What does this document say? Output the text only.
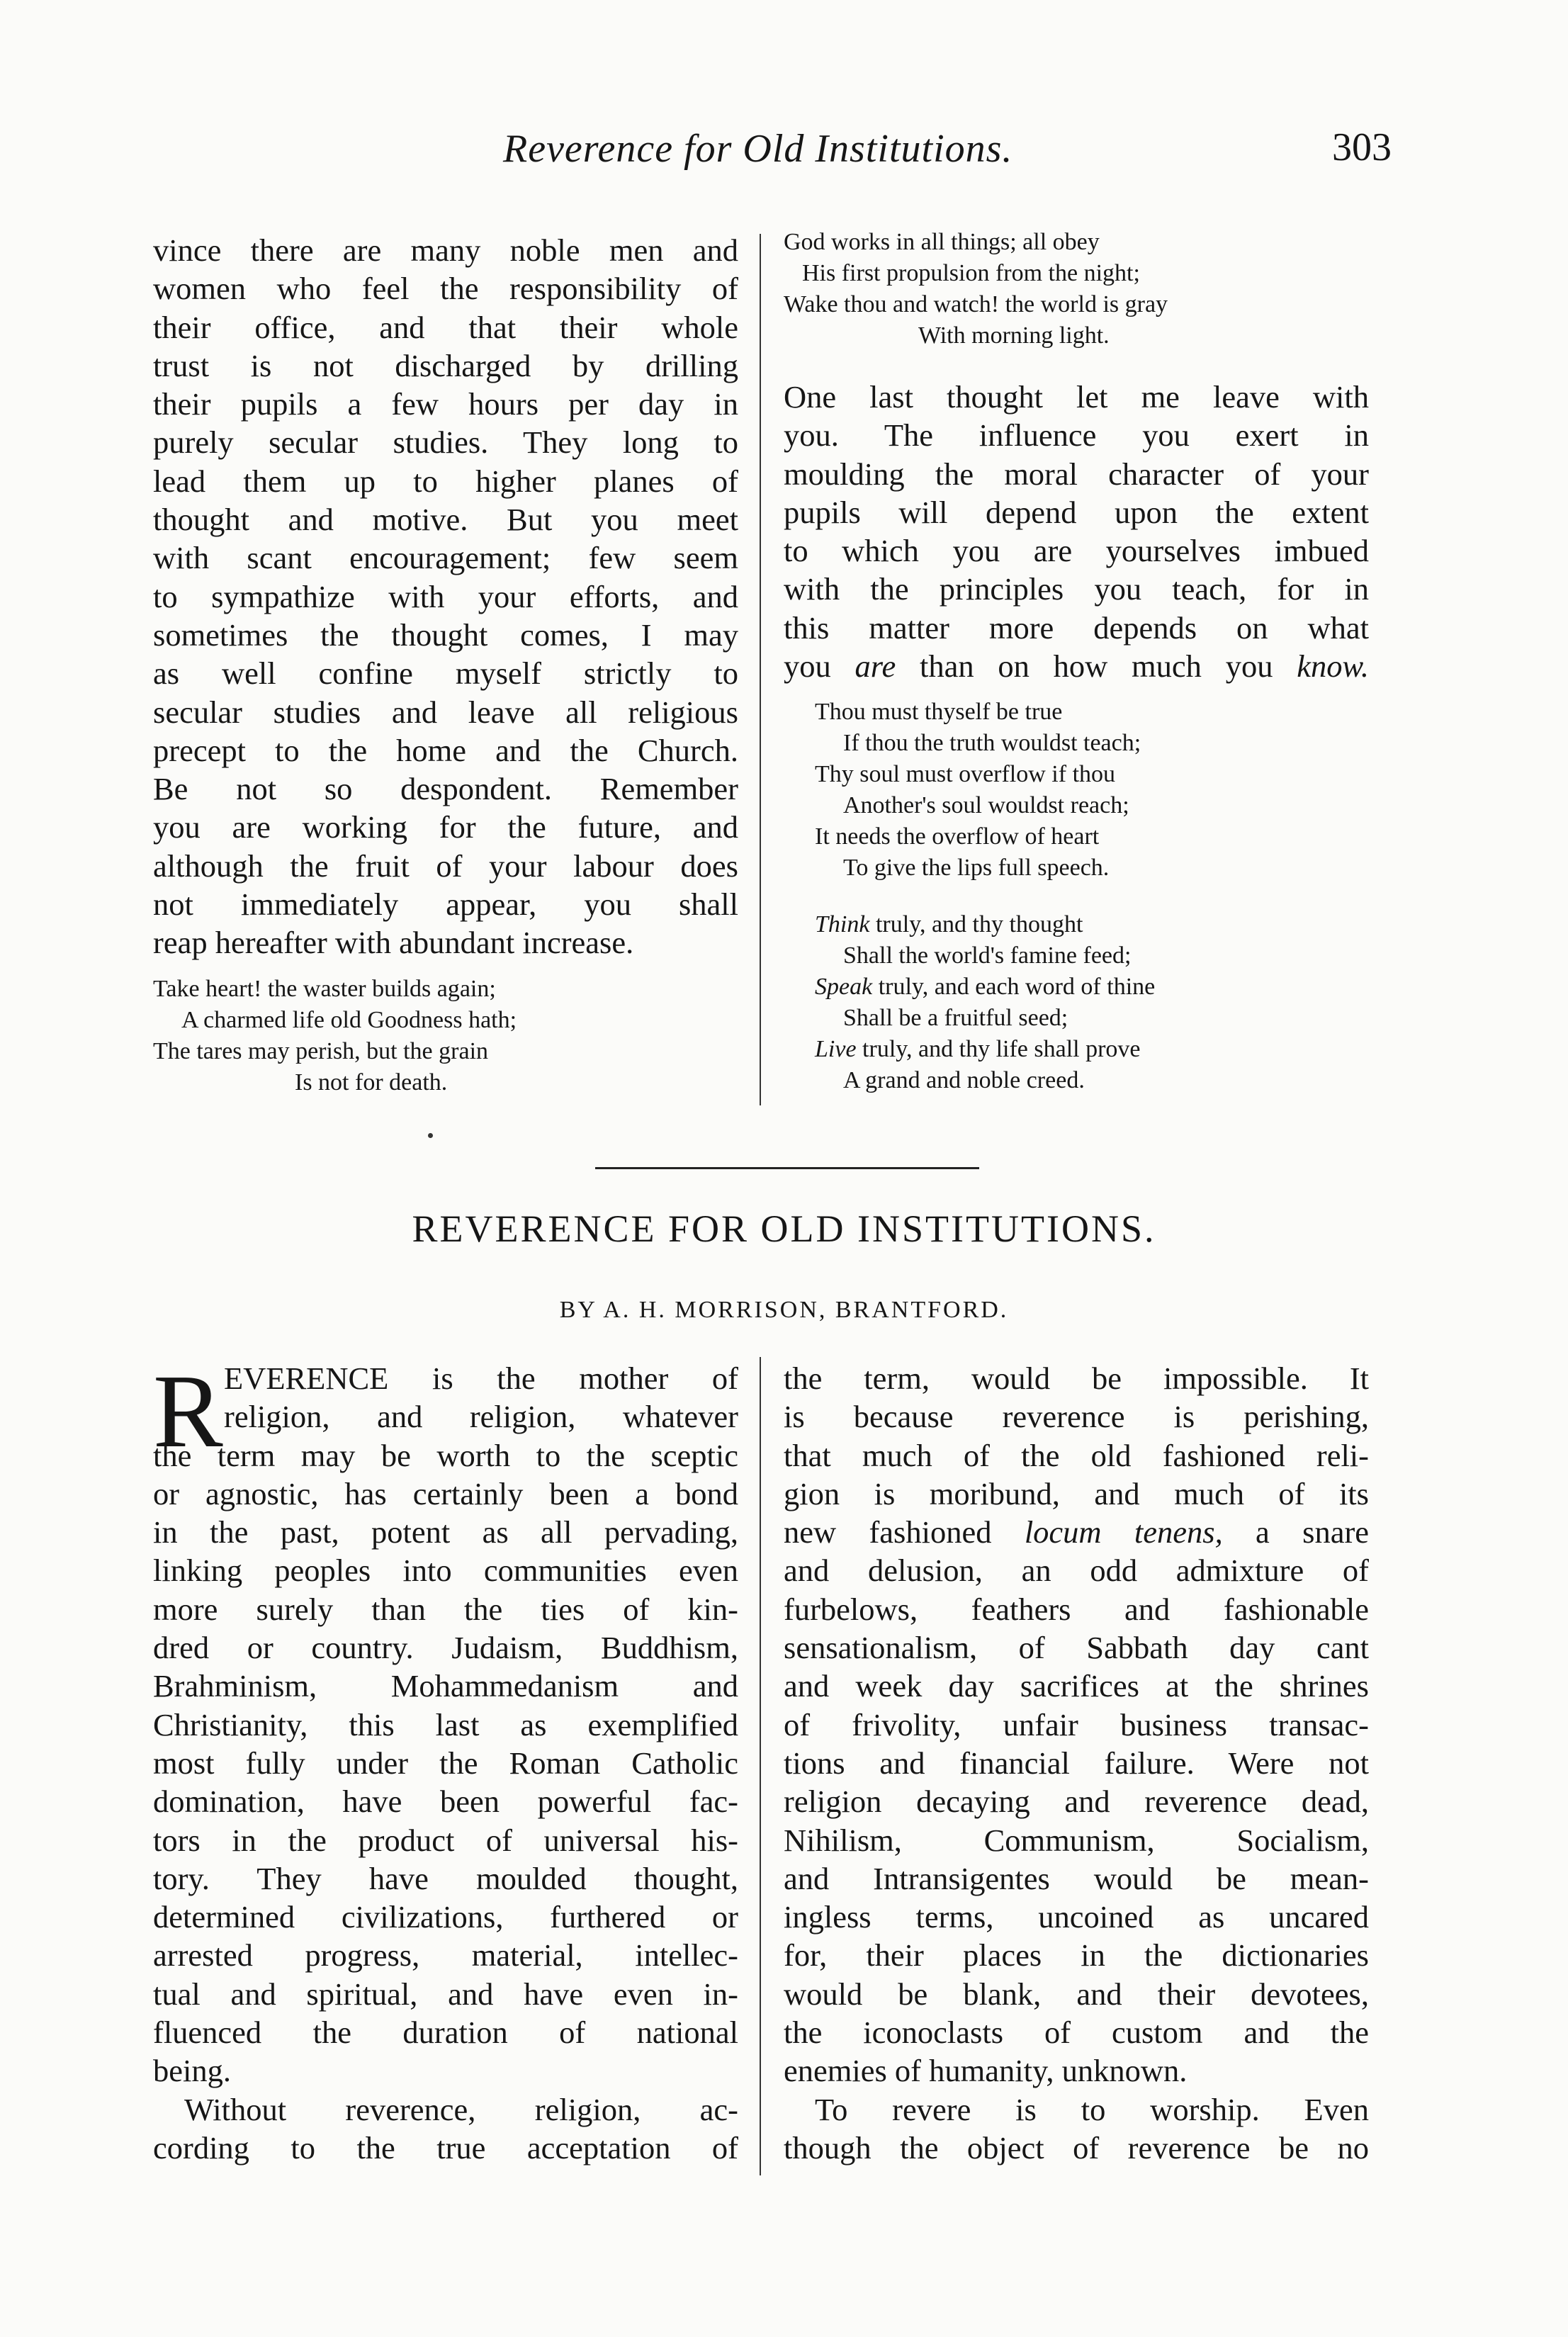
Reverence for Old Institutions.	303
vince there are many noble men and
women who feel the responsibility of
their office, and that their whole
trust is not discharged by drilling
their pupils a few hours per day in
purely secular studies. They long to
lead them up to higher planes of
thought and motive. But you meet
with scant encouragement; few seem
to sympathize with your efforts, and
sometimes the thought comes, I may
as well confine myself strictly to
secular studies and leave all religious
precept to the home and the Church.
Be not so despondent. Remember
you are working for the future, and
although the fruit of your labour does
not immediately appear, you shall
reap hereafter with abundant increase.
Take heart! the waster builds again;
A charmed life old Goodness hath;
The tares may perish, but the grain
Is not for death.
God works in all things; all obey
His first propulsion from the night;
Wake thou and watch! the world is gray
With morning light.
One last thought let me leave with
you. The influence you exert in
moulding the moral character of your
pupils will depend upon the extent
to which you are yourselves imbued
with the principles you teach, for in
this matter more depends on what
you are than on how much you know.
Thou must thyself be true
If thou the truth wouldst teach;
Thy soul must overflow if thou
Another's soul wouldst reach;
It needs the overflow of heart
To give the lips full speech.
Think truly, and thy thought
Shall the world's famine feed;
Speak truly, and each word of thine
Shall be a fruitful seed;
Live truly, and thy life shall prove
A grand and noble creed.
REVERENCE FOR OLD INSTITUTIONS.
BY A. H. MORRISON, BRANTFORD.
R EVERENCE is the mother of
religion, and religion, whatever
the term may be worth to the sceptic
or agnostic, has certainly been a bond
in the past, potent as all pervading,
linking peoples into communities even
more surely than the ties of kin-
dred or country. Judaism, Buddhism,
Brahminism, Mohammedanism and
Christianity, this last as exemplified
most fully under the Roman Catholic
domination, have been powerful fac-
tors in the product of universal his-
tory. They have moulded thought,
determined civilizations, furthered or
arrested progress, material, intellec-
tual and spiritual, and have even in-
fluenced the duration of national
being.
Without reverence, religion, ac-
cording to the true acceptation of
the term, would be impossible. It
is because reverence is perishing,
that much of the old fashioned reli-
gion is moribund, and much of its
new fashioned locum tenens, a snare
and delusion, an odd admixture of
furbelows, feathers and fashionable
sensationalism, of Sabbath day cant
and week day sacrifices at the shrines
of frivolity, unfair business transac-
tions and financial failure. Were not
religion decaying and reverence dead,
Nihilism, Communism, Socialism,
and Intransigentes would be mean-
ingless terms, uncoined as uncared
for, their places in the dictionaries
would be blank, and their devotees,
the iconoclasts of custom and the
enemies of humanity, unknown.
To revere is to worship. Even
though the object of reverence be no
